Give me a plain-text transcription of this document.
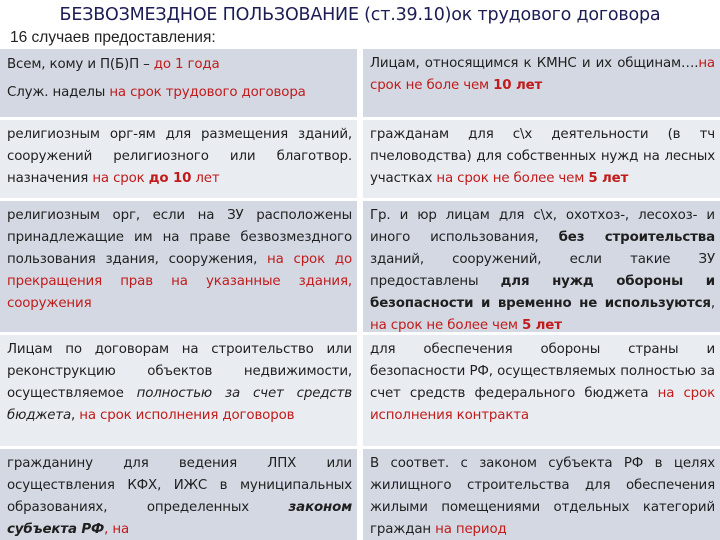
БЕЗВОЗМЕЗДНОЕ ПОЛЬЗОВАНИЕ (ст.39.10)ок трудового договора
16 случаев предоставления:
Всем, кому и П(Б)П – до 1 года
Служ. наделы на срок трудового договора
Лицам, относящимся к КМНС и их общинам….на срок не боле чем 10 лет
религиозным орг-ям для размещения зданий, сооружений религиозного или благотвор. назначения на срок до 10 лет
гражданам для с\х деятельности (в тч пчеловодства) для собственных нужд на лесных участках на срок не более чем 5 лет
религиозным орг, если на ЗУ расположены принадлежащие им на праве безвозмездного пользования здания, сооружения, на срок до прекращения прав на указанные здания, сооружения
Гр. и юр лицам для с\х, охотхоз-, лесохоз- и иного использования, без строительства зданий, сооружений, если такие ЗУ предоставлены для нужд обороны и безопасности и временно не используются, на срок не более чем 5 лет
Лицам по договорам на строительство или реконструкцию объектов недвижимости, осуществляемое полностью за счет средств бюджета, на срок исполнения договоров
для обеспечения обороны страны и безопасности РФ, осуществляемых полностью за счет средств федерального бюджета на срок исполнения контракта
гражданину для ведения ЛПХ или осуществления КФХ, ИЖС в муниципальных образованиях, определенных законом субъекта РФ, на
В соответ. с законом субъекта РФ в целях жилищного строительства для обеспечения жилыми помещениями отдельных категорий граждан на период
